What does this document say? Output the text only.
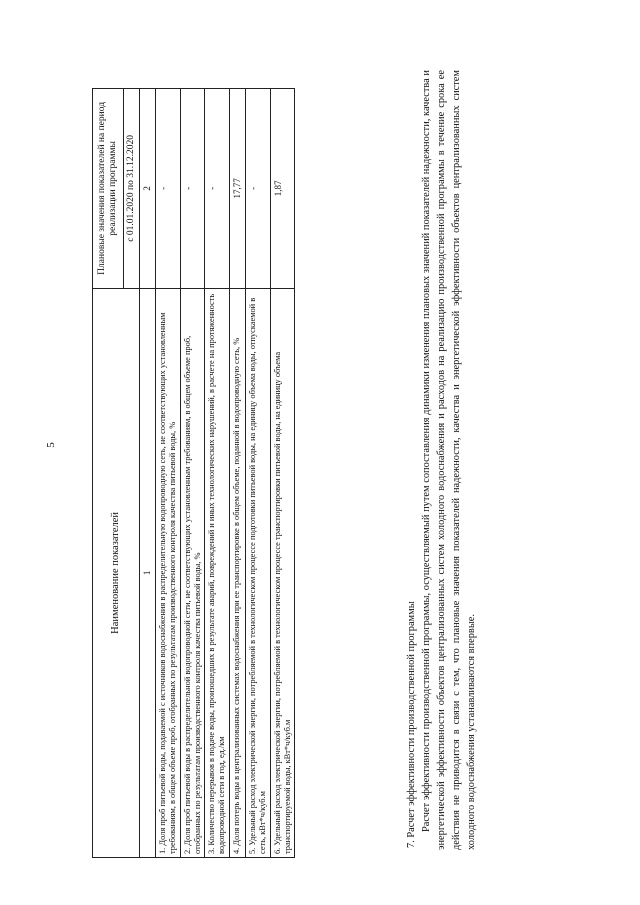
5

Наименование показателей	Плановые значения показателей на период реализации программы
	с 01.01.2020 по 31.12.2020
1	2
1. Доля проб питьевой воды, подаваемой с источников водоснабжения в распределительную водопроводную сеть, не соответствующих установленным требованиям, в общем объеме проб, отобранных по результатам производственного контроля качества питьевой воды, %	-
2. Доля проб питьевой воды в распределительной водопроводной сети, не соответствующих установленным требованиям, в общем объеме проб, отобранных по результатам производственного контроля качества питьевой воды, %	-
3. Количество перерывов в подаче воды, произошедших в результате аварий, повреждений и иных технологических нарушений, в расчете на протяженность водопроводной сети в год, ед./км	-
4. Доля потерь воды в централизованных системах водоснабжения при ее транспортировке в общем объеме, поданной в водопроводную сеть, %	17,77
5. Удельный расход электрической энергии, потребляемой в технологическом процессе подготовки питьевой воды, на единицу объема воды, отпускаемой в сеть, кВт*ч/куб.м	-
6. Удельный расход электрической энергии, потребляемой в технологическом процессе транспортировки питьевой воды, на единицу объема транспортируемой воды, кВт*ч/куб.м	1,87
7. Расчет эффективности производственной программы Расчет эффективности производственной программы, осуществляемый путем сопоставления динамики изменения плановых значений показателей надежности, качества и энергетической эффективности объектов централизованных систем холодного водоснабжения и расходов на реализацию производственной программы в течение срока ее действия не приводится в связи с тем, что плановые значения показателей надежности, качества и энергетической эффективности объектов централизованных систем холодного водоснабжения устанавливаются впервые.
